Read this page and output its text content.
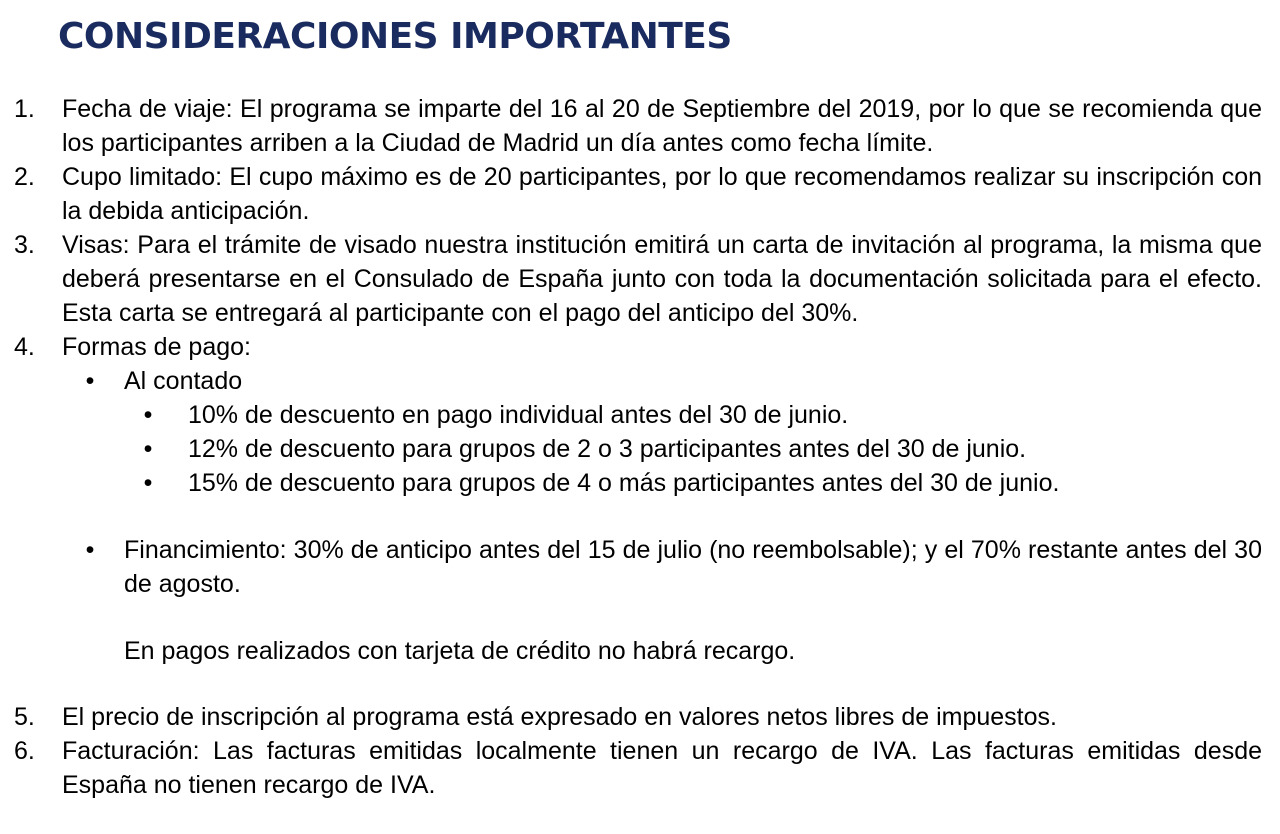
CONSIDERACIONES IMPORTANTES
1.	Fecha de viaje: El programa se imparte del 16 al 20 de Septiembre del 2019, por lo que se recomienda que los participantes arriben a la Ciudad de Madrid un día antes como fecha límite.
2.	Cupo limitado: El cupo máximo es de 20 participantes, por lo que recomendamos realizar su inscripción con la debida anticipación.
3.	Visas: Para el trámite de visado nuestra institución emitirá un carta de invitación al programa, la misma que deberá presentarse en el Consulado de España junto con toda la documentación solicitada para el efecto. Esta carta se entregará al participante con el pago del anticipo del 30%.
4.	Formas de pago:
• Al contado
• 10% de descuento en pago individual antes del 30 de junio.
• 12% de descuento para grupos de 2 o 3 participantes antes del 30 de junio.
• 15% de descuento para grupos de 4 o más participantes antes del 30 de junio.
• Financimiento: 30% de anticipo antes del 15 de julio (no reembolsable); y el 70% restante antes del 30 de agosto.
En pagos realizados con tarjeta de crédito no habrá recargo.
5.	El precio de inscripción al programa está expresado en valores netos libres de impuestos.
6.	Facturación: Las facturas emitidas localmente tienen un recargo de IVA. Las facturas emitidas desde España no tienen recargo de IVA.
